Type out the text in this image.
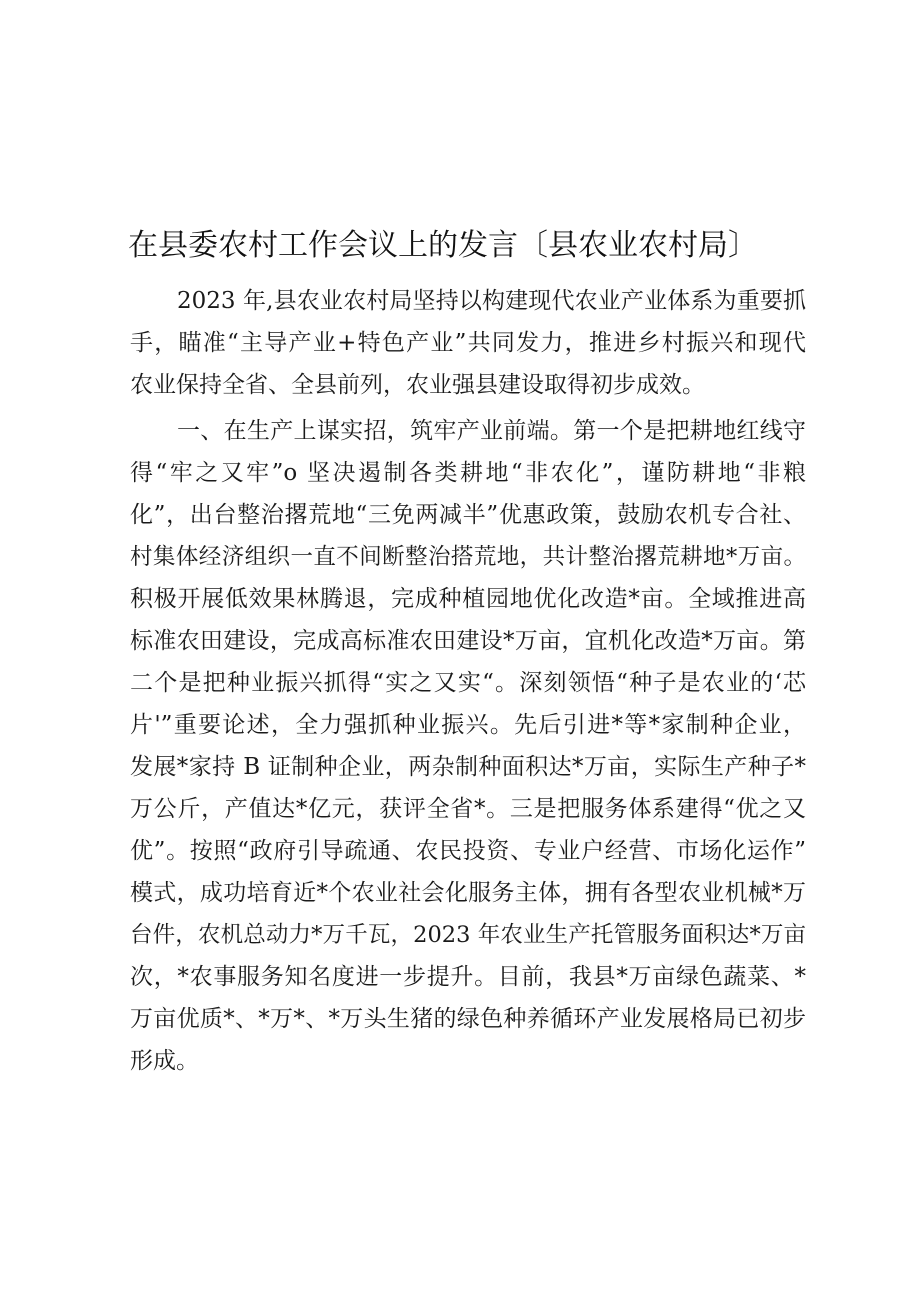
在县委农村工作会议上的发言〔县农业农村局〕

2023 年,县农业农村局坚持以构建现代农业产业体系为重要抓
手，瞄准“主导产业+特色产业”共同发力，推进乡村振兴和现代
农业保持全省、全县前列，农业强县建设取得初步成效。

一、在生产上谋实招，筑牢产业前端。第一个是把耕地红线守
得“牢之又牢”o 坚决遏制各类耕地“非农化”，谨防耕地“非粮
化”，出台整治撂荒地“三免两减半”优惠政策，鼓励农机专合社、
村集体经济组织一直不间断整治搭荒地，共计整治撂荒耕地*万亩。
积极开展低效果林腾退，完成种植园地优化改造*亩。全域推进高
标准农田建设，完成高标准农田建设*万亩，宜机化改造*万亩。第
二个是把种业振兴抓得“实之又实“。深刻领悟“种子是农业的‘芯
片'”重要论述，全力强抓种业振兴。先后引进*等*家制种企业，
发展*家持 B 证制种企业，两杂制种面积达*万亩，实际生产种子*
万公斤，产值达*亿元，获评全省*。三是把服务体系建得“优之又
优”。按照“政府引导疏通、农民投资、专业户经营、市场化运作”
模式，成功培育近*个农业社会化服务主体，拥有各型农业机械*万
台件，农机总动力*万千瓦，2023 年农业生产托管服务面积达*万亩
次，*农事服务知名度进一步提升。目前，我县*万亩绿色蔬菜、*
万亩优质*、*万*、*万头生猪的绿色种养循环产业发展格局已初步
形成。
